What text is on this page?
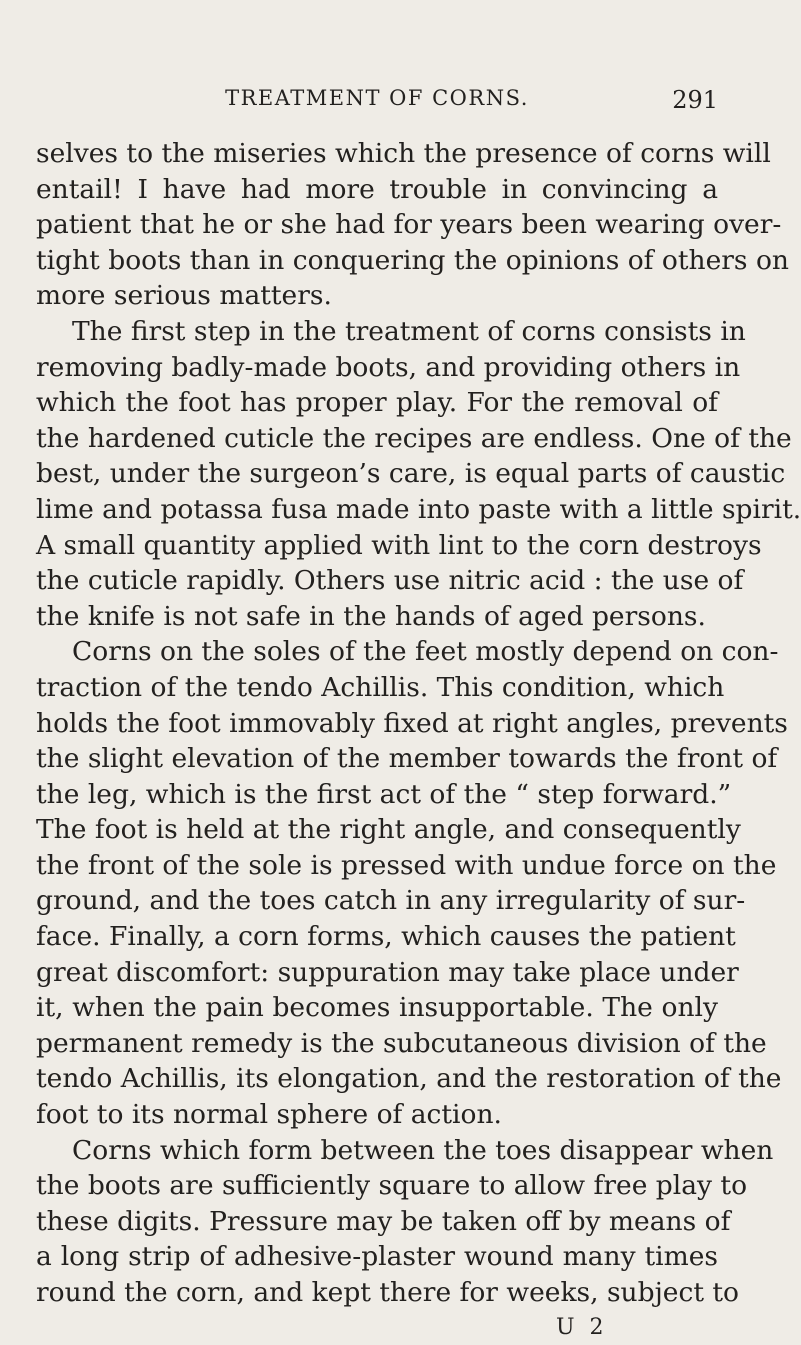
TREATMENT OF CORNS.	291
selves to the miseries which the presence of corns will
entail! I have had more trouble in convincing a
patient that he or she had for years been wearing over-
tight boots than in conquering the opinions of others on
more serious matters.
The first step in the treatment of corns consists in
removing badly-made boots, and providing others in
which the foot has proper play. For the removal of
the hardened cuticle the recipes are endless. One of the
best, under the surgeon’s care, is equal parts of caustic
lime and potassa fusa made into paste with a little spirit.
A small quantity applied with lint to the corn destroys
the cuticle rapidly. Others use nitric acid : the use of
the knife is not safe in the hands of aged persons.
Corns on the soles of the feet mostly depend on con-
traction of the tendo Achillis. This condition, which
holds the foot immovably fixed at right angles, prevents
the slight elevation of the member towards the front of
the leg, which is the first act of the “ step forward.”
The foot is held at the right angle, and consequently
the front of the sole is pressed with undue force on the
ground, and the toes catch in any irregularity of sur-
face. Finally, a corn forms, which causes the patient
great discomfort: suppuration may take place under
it, when the pain becomes insupportable. The only
permanent remedy is the subcutaneous division of the
tendo Achillis, its elongation, and the restoration of the
foot to its normal sphere of action.
Corns which form between the toes disappear when
the boots are sufficiently square to allow free play to
these digits. Pressure may be taken off by means of
a long strip of adhesive-plaster wound many times
round the corn, and kept there for weeks, subject to
U 2
